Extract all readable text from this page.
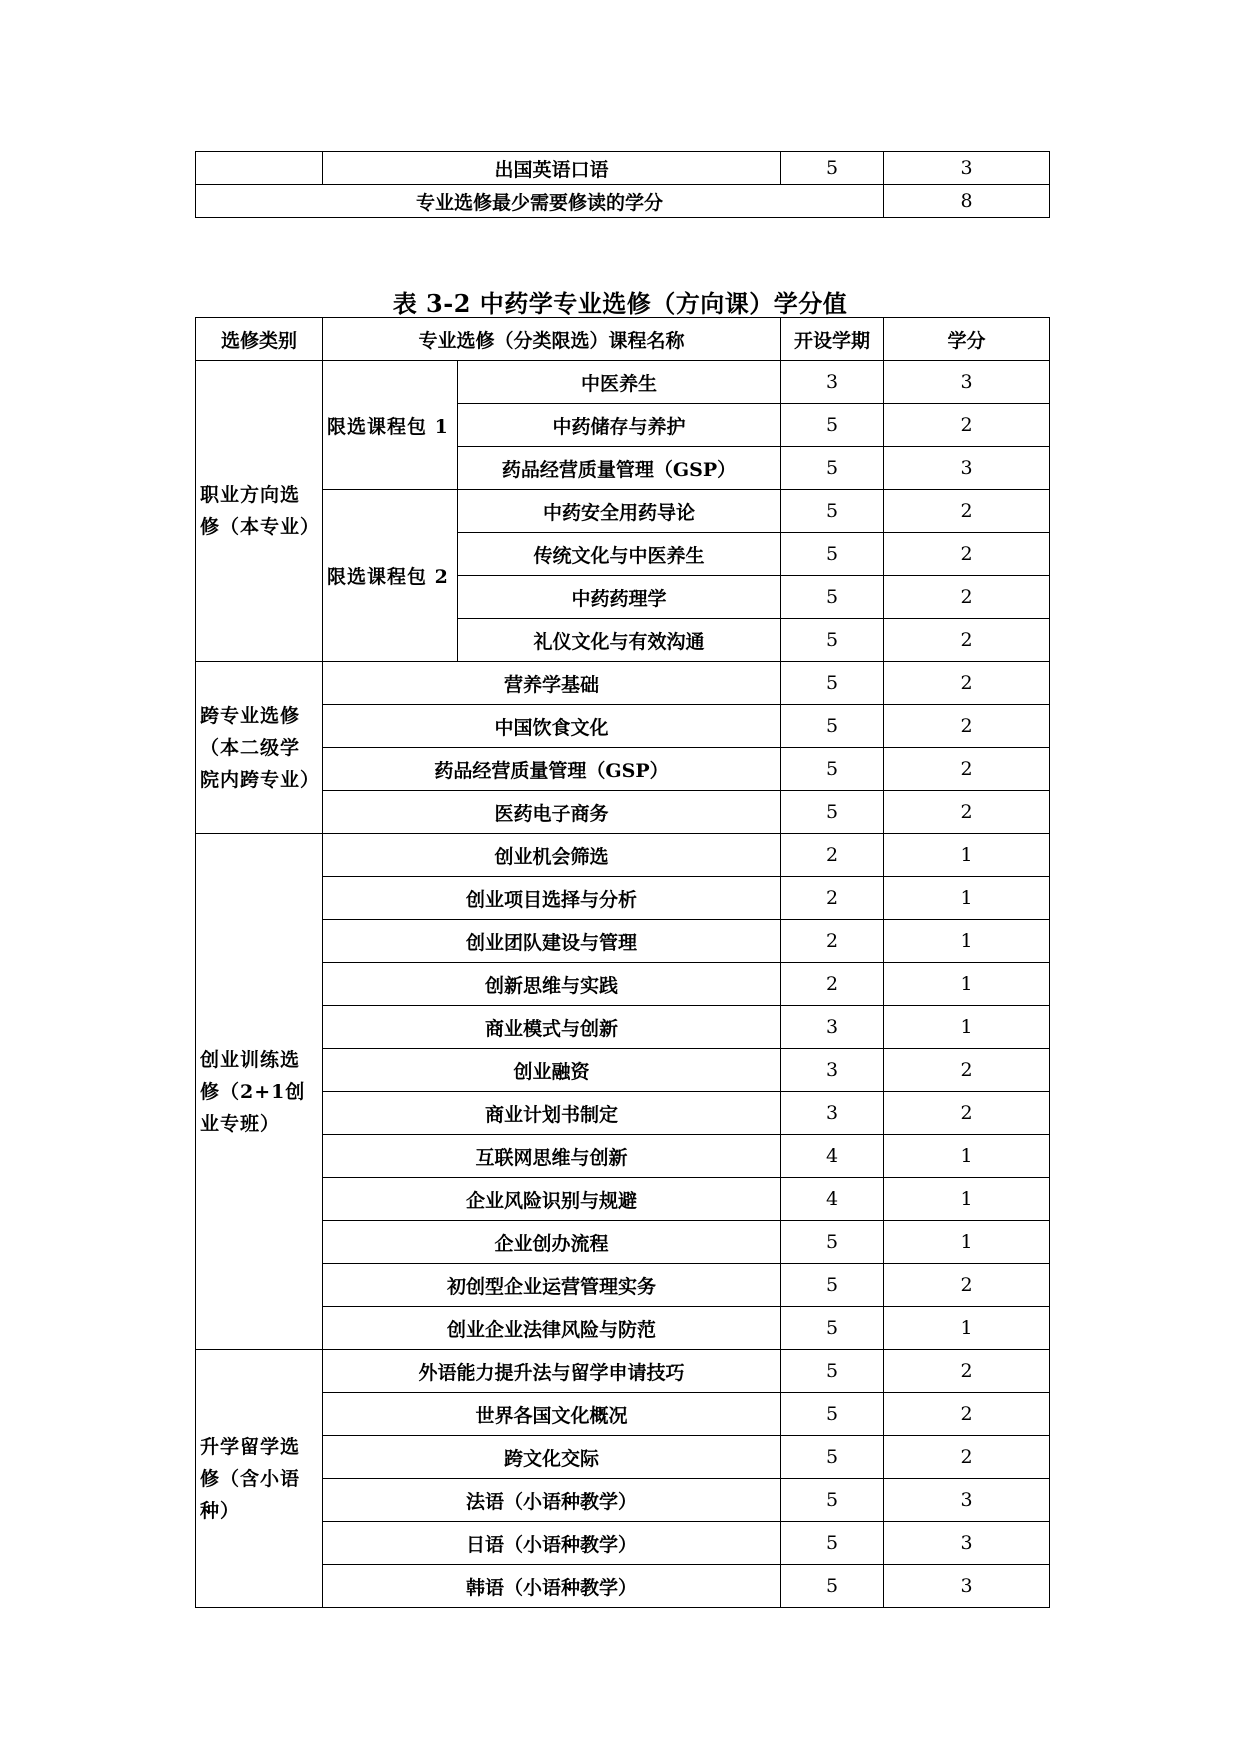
	出国英语口语	5	3
专业选修最少需要修读的学分			8
表 3-2 中药学专业选修（方向课）学分值
选修类别	专业选修（分类限选）课程名称		开设学期	学分
职业方向选修（本专业）	限选课程包 1	中医养生	3	3
		中药储存与养护	5	2
		药品经营质量管理（GSP）	5	3
	限选课程包 2	中药安全用药导论	5	2
		传统文化与中医养生	5	2
		中药药理学	5	2
		礼仪文化与有效沟通	5	2
跨专业选修（本二级学院内跨专业）	营养学基础		5	2
	中国饮食文化		5	2
	药品经营质量管理（GSP）		5	2
	医药电子商务		5	2
创业训练选修（2+1创业专班）	创业机会筛选		2	1
	创业项目选择与分析		2	1
	创业团队建设与管理		2	1
	创新思维与实践		2	1
	商业模式与创新		3	1
	创业融资		3	2
	商业计划书制定		3	2
	互联网思维与创新		4	1
	企业风险识别与规避		4	1
	企业创办流程		5	1
	初创型企业运营管理实务		5	2
	创业企业法律风险与防范		5	1
升学留学选修（含小语种）	外语能力提升法与留学申请技巧		5	2
	世界各国文化概况		5	2
	跨文化交际		5	2
	法语（小语种教学）		5	3
	日语（小语种教学）		5	3
	韩语（小语种教学）		5	3
